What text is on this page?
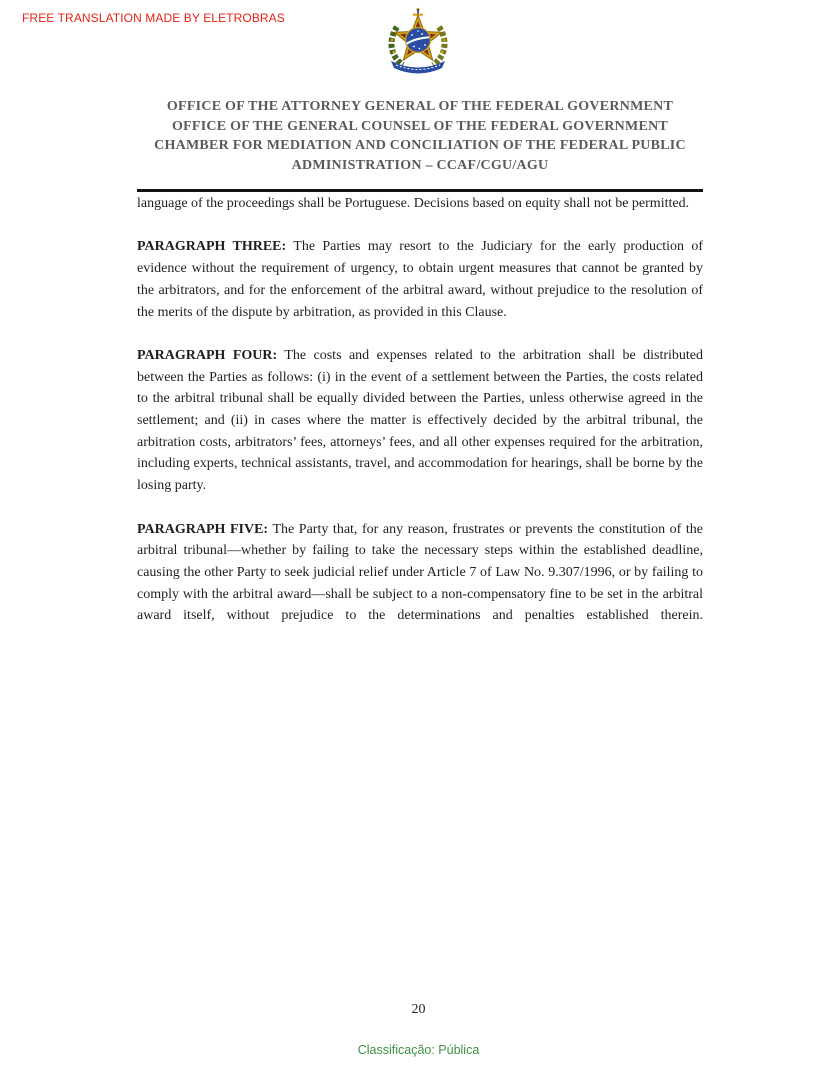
FREE TRANSLATION MADE BY ELETROBRAS
OFFICE OF THE ATTORNEY GENERAL OF THE FEDERAL GOVERNMENT
OFFICE OF THE GENERAL COUNSEL OF THE FEDERAL GOVERNMENT
CHAMBER FOR MEDIATION AND CONCILIATION OF THE FEDERAL PUBLIC
ADMINISTRATION – CCAF/CGU/AGU

language of the proceedings shall be Portuguese. Decisions based on equity shall not be permitted.

PARAGRAPH THREE: The Parties may resort to the Judiciary for the early production of evidence without the requirement of urgency, to obtain urgent measures that cannot be granted by the arbitrators, and for the enforcement of the arbitral award, without prejudice to the resolution of the merits of the dispute by arbitration, as provided in this Clause.

PARAGRAPH FOUR: The costs and expenses related to the arbitration shall be distributed between the Parties as follows: (i) in the event of a settlement between the Parties, the costs related to the arbitral tribunal shall be equally divided between the Parties, unless otherwise agreed in the settlement; and (ii) in cases where the matter is effectively decided by the arbitral tribunal, the arbitration costs, arbitrators’ fees, attorneys’ fees, and all other expenses required for the arbitration, including experts, technical assistants, travel, and accommodation for hearings, shall be borne by the losing party.

PARAGRAPH FIVE: The Party that, for any reason, frustrates or prevents the constitution of the arbitral tribunal—whether by failing to take the necessary steps within the established deadline, causing the other Party to seek judicial relief under Article 7 of Law No. 9.307/1996, or by failing to comply with the arbitral award—shall be subject to a non-compensatory fine to be set in the arbitral award itself, without prejudice to the determinations and penalties established therein.

20
Classificação: Pública
